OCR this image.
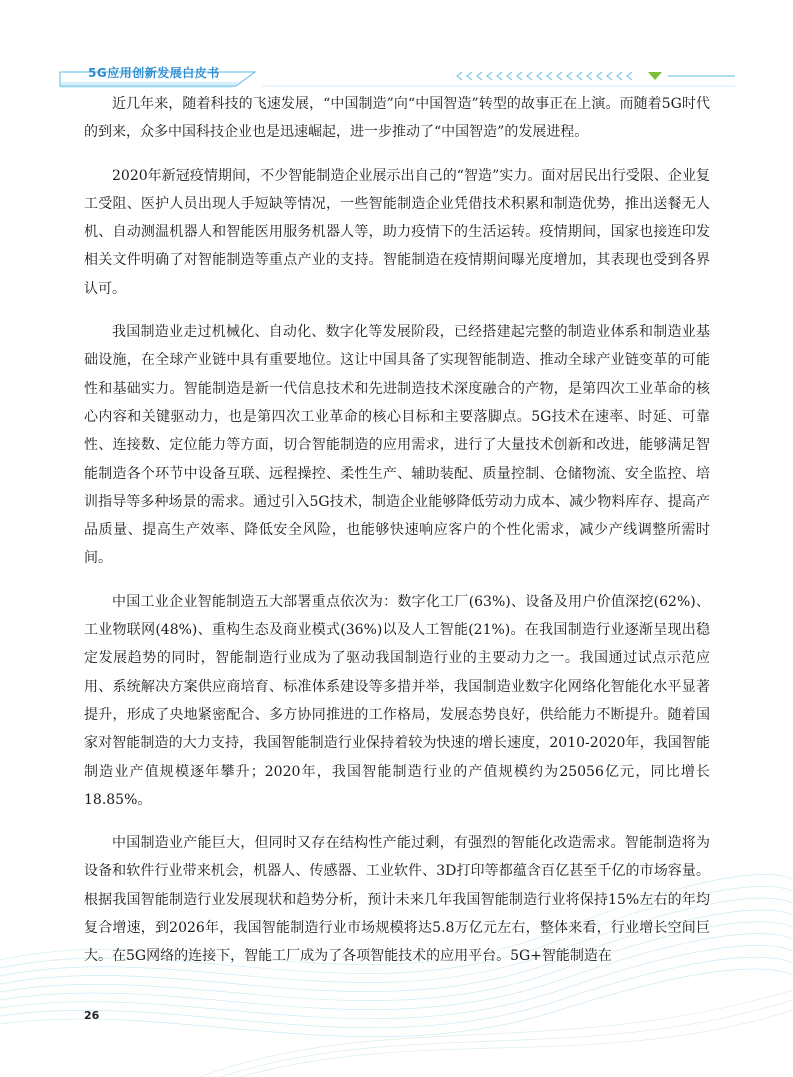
5G应用创新发展白皮书

近几年来，随着科技的飞速发展，“中国制造”向“中国智造”转型的故事正在上演。而随着5G时代的到来，众多中国科技企业也是迅速崛起，进一步推动了“中国智造”的发展进程。

2020年新冠疫情期间，不少智能制造企业展示出自己的“智造”实力。面对居民出行受限、企业复工受阻、医护人员出现人手短缺等情况，一些智能制造企业凭借技术积累和制造优势，推出送餐无人机、自动测温机器人和智能医用服务机器人等，助力疫情下的生活运转。疫情期间，国家也接连印发相关文件明确了对智能制造等重点产业的支持。智能制造在疫情期间曝光度增加，其表现也受到各界认可。

我国制造业走过机械化、自动化、数字化等发展阶段，已经搭建起完整的制造业体系和制造业基础设施，在全球产业链中具有重要地位。这让中国具备了实现智能制造、推动全球产业链变革的可能性和基础实力。智能制造是新一代信息技术和先进制造技术深度融合的产物，是第四次工业革命的核心内容和关键驱动力，也是第四次工业革命的核心目标和主要落脚点。5G技术在速率、时延、可靠性、连接数、定位能力等方面，切合智能制造的应用需求，进行了大量技术创新和改进，能够满足智能制造各个环节中设备互联、远程操控、柔性生产、辅助装配、质量控制、仓储物流、安全监控、培训指导等多种场景的需求。通过引入5G技术，制造企业能够降低劳动力成本、减少物料库存、提高产品质量、提高生产效率、降低安全风险，也能够快速响应客户的个性化需求，减少产线调整所需时间。

中国工业企业智能制造五大部署重点依次为：数字化工厂(63%)、设备及用户价值深挖(62%)、工业物联网(48%)、重构生态及商业模式(36%)以及人工智能(21%)。在我国制造行业逐渐呈现出稳定发展趋势的同时，智能制造行业成为了驱动我国制造行业的主要动力之一。我国通过试点示范应用、系统解决方案供应商培育、标准体系建设等多措并举，我国制造业数字化网络化智能化水平显著提升，形成了央地紧密配合、多方协同推进的工作格局，发展态势良好，供给能力不断提升。随着国家对智能制造的大力支持，我国智能制造行业保持着较为快速的增长速度，2010-2020年，我国智能制造业产值规模逐年攀升；2020年，我国智能制造行业的产值规模约为25056亿元，同比增长18.85%。

中国制造业产能巨大，但同时又存在结构性产能过剩，有强烈的智能化改造需求。智能制造将为设备和软件行业带来机会，机器人、传感器、工业软件、3D打印等都蕴含百亿甚至千亿的市场容量。根据我国智能制造行业发展现状和趋势分析，预计未来几年我国智能制造行业将保持15%左右的年均复合增速，到2026年，我国智能制造行业市场规模将达5.8万亿元左右，整体来看，行业增长空间巨大。在5G网络的连接下，智能工厂成为了各项智能技术的应用平台。5G+智能制造在

26
